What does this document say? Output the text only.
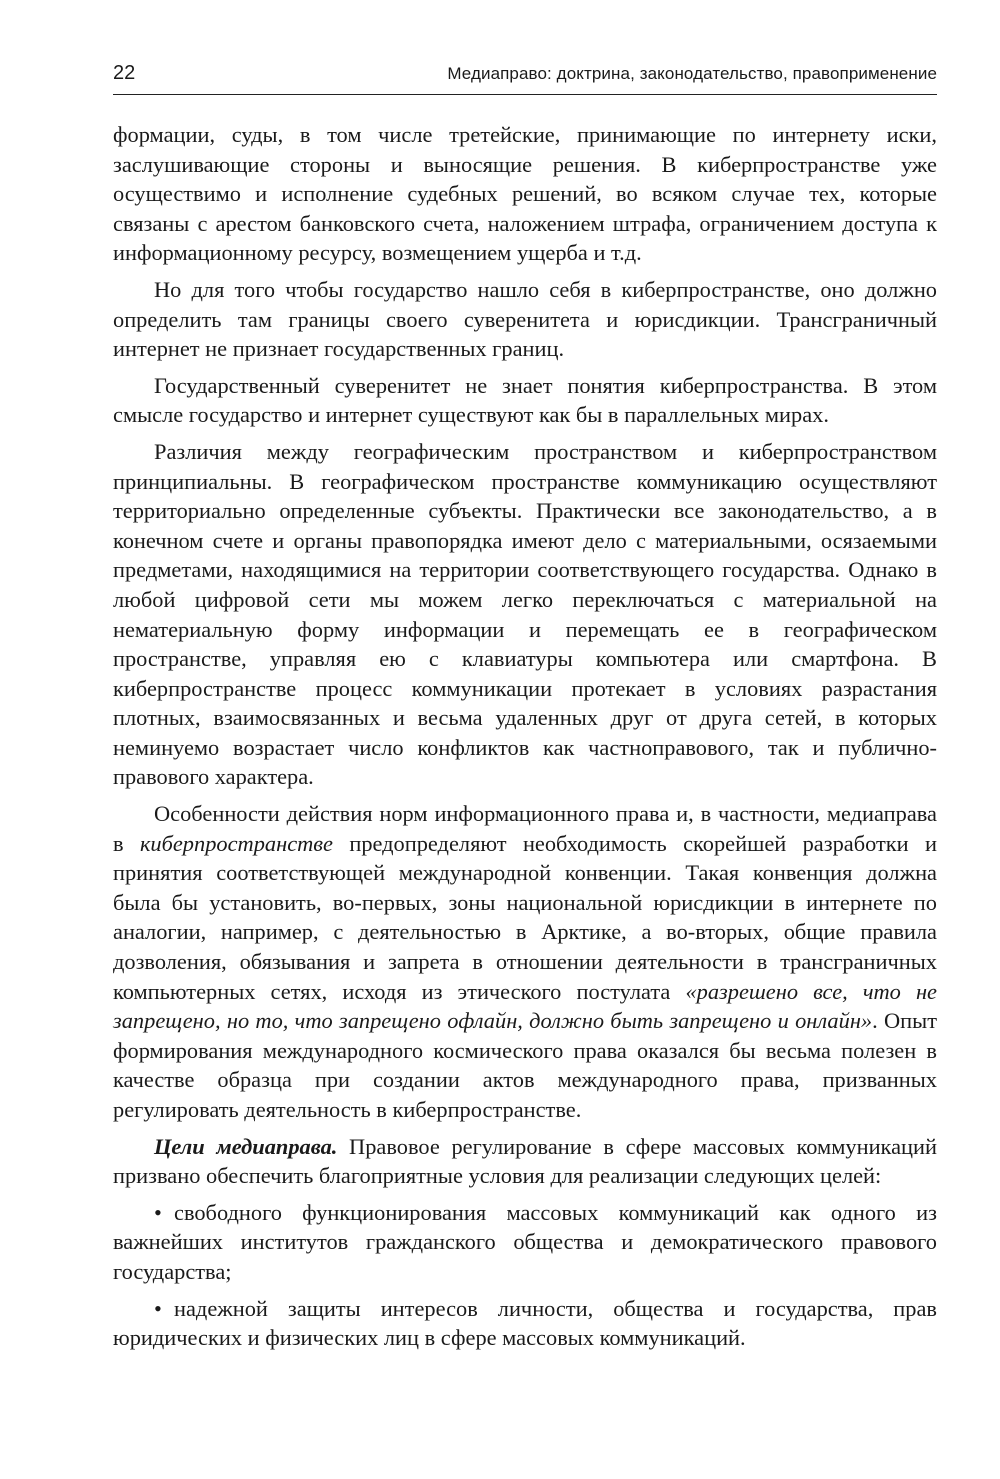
22	Медиаправо: доктрина, законодательство, правоприменение

формации, суды, в том числе третейские, принимающие по интернету иски, заслушивающие стороны и выносящие решения. В киберпространстве уже осуществимо и исполнение судебных решений, во всяком случае тех, которые связаны с арестом банковского счета, наложением штрафа, ограничением доступа к информационному ресурсу, возмещением ущерба и т.д.

Но для того чтобы государство нашло себя в киберпространстве, оно должно определить там границы своего суверенитета и юрисдикции. Трансграничный интернет не признает государственных границ.

Государственный суверенитет не знает понятия киберпространства. В этом смысле государство и интернет существуют как бы в параллельных мирах.

Различия между географическим пространством и киберпространством принципиальны. В географическом пространстве коммуникацию осуществляют территориально определенные субъекты. Практически все законодательство, а в конечном счете и органы правопорядка имеют дело с материальными, осязаемыми предметами, находящимися на территории соответствующего государства. Однако в любой цифровой сети мы можем легко переключаться с материальной на нематериальную форму информации и перемещать ее в географическом пространстве, управляя ею с клавиатуры компьютера или смартфона. В киберпространстве процесс коммуникации протекает в условиях разрастания плотных, взаимосвязанных и весьма удаленных друг от друга сетей, в которых неминуемо возрастает число конфликтов как частноправового, так и публично-правового характера.

Особенности действия норм информационного права и, в частности, медиаправа в киберпространстве предопределяют необходимость скорейшей разработки и принятия соответствующей международной конвенции. Такая конвенция должна была бы установить, во-первых, зоны национальной юрисдикции в интернете по аналогии, например, с деятельностью в Арктике, а во-вторых, общие правила дозволения, обязывания и запрета в отношении деятельности в трансграничных компьютерных сетях, исходя из этического постулата «разрешено все, что не запрещено, но то, что запрещено офлайн, должно быть запрещено и онлайн». Опыт формирования международного космического права оказался бы весьма полезен в качестве образца при создании актов международного права, призванных регулировать деятельность в киберпространстве.

Цели медиаправа. Правовое регулирование в сфере массовых коммуникаций призвано обеспечить благоприятные условия для реализации следующих целей:

• свободного функционирования массовых коммуникаций как одного из важнейших институтов гражданского общества и демократического правового государства;

• надежной защиты интересов личности, общества и государства, прав юридических и физических лиц в сфере массовых коммуникаций.
